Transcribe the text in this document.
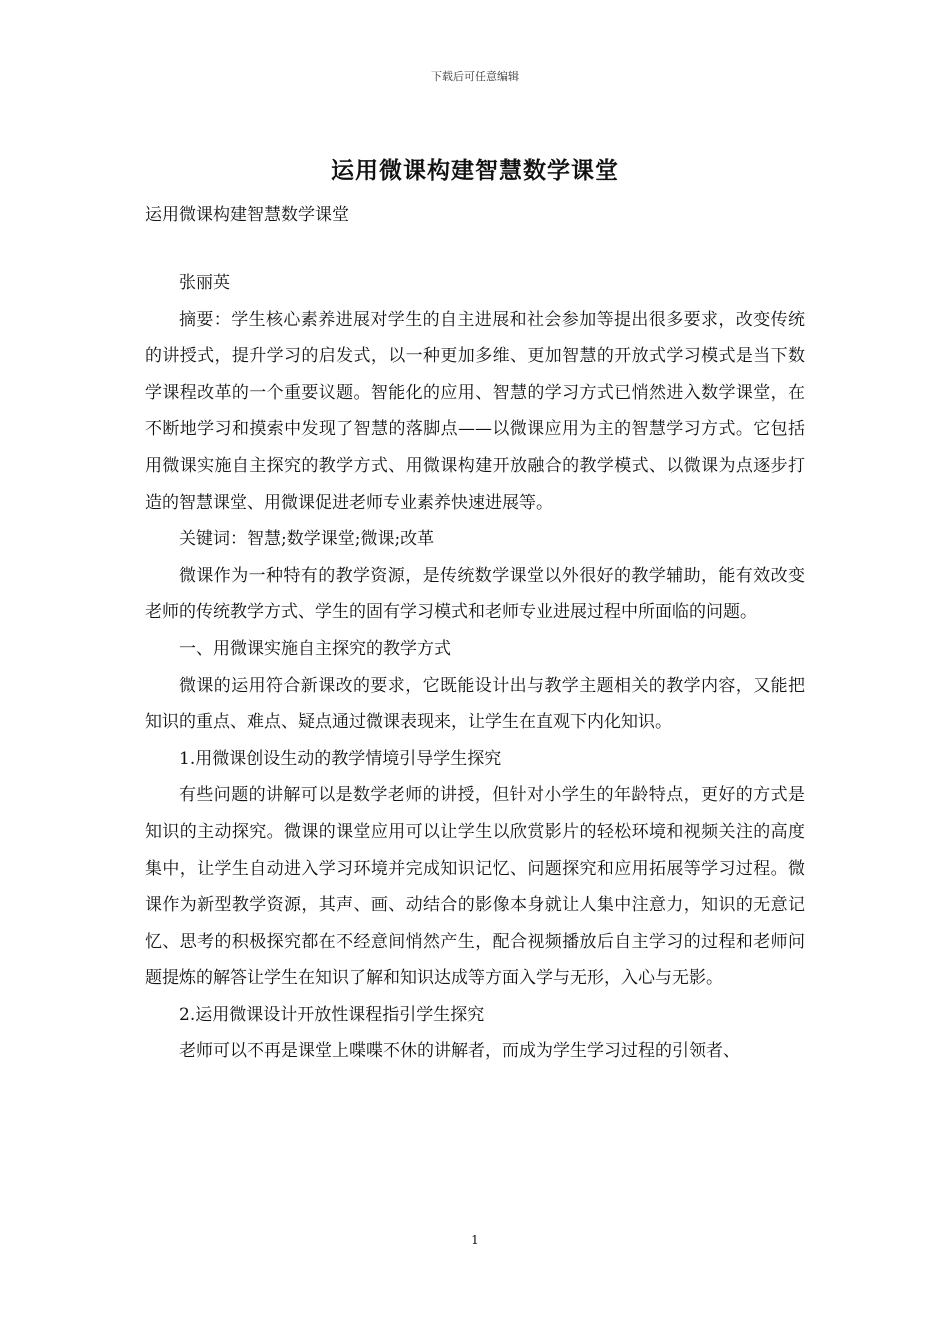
下载后可任意编辑
运用微课构建智慧数学课堂
运用微课构建智慧数学课堂

张丽英

摘要：学生核心素养进展对学生的自主进展和社会参加等提出很多要求，改变传统的讲授式，提升学习的启发式，以一种更加多维、更加智慧的开放式学习模式是当下数学课程改革的一个重要议题。智能化的应用、智慧的学习方式已悄然进入数学课堂，在不断地学习和摸索中发现了智慧的落脚点——以微课应用为主的智慧学习方式。它包括用微课实施自主探究的教学方式、用微课构建开放融合的教学模式、以微课为点逐步打造的智慧课堂、用微课促进老师专业素养快速进展等。

关键词：智慧;数学课堂;微课;改革

微课作为一种特有的教学资源，是传统数学课堂以外很好的教学辅助，能有效改变老师的传统教学方式、学生的固有学习模式和老师专业进展过程中所面临的问题。

一、用微课实施自主探究的教学方式

微课的运用符合新课改的要求，它既能设计出与教学主题相关的教学内容，又能把知识的重点、难点、疑点通过微课表现来，让学生在直观下内化知识。

1.用微课创设生动的教学情境引导学生探究

有些问题的讲解可以是数学老师的讲授，但针对小学生的年龄特点，更好的方式是知识的主动探究。微课的课堂应用可以让学生以欣赏影片的轻松环境和视频关注的高度集中，让学生自动进入学习环境并完成知识记忆、问题探究和应用拓展等学习过程。微课作为新型教学资源，其声、画、动结合的影像本身就让人集中注意力，知识的无意记忆、思考的积极探究都在不经意间悄然产生，配合视频播放后自主学习的过程和老师问题提炼的解答让学生在知识了解和知识达成等方面入学与无形，入心与无影。

2.运用微课设计开放性课程指引学生探究

老师可以不再是课堂上喋喋不休的讲解者，而成为学生学习过程的引领者、

1
